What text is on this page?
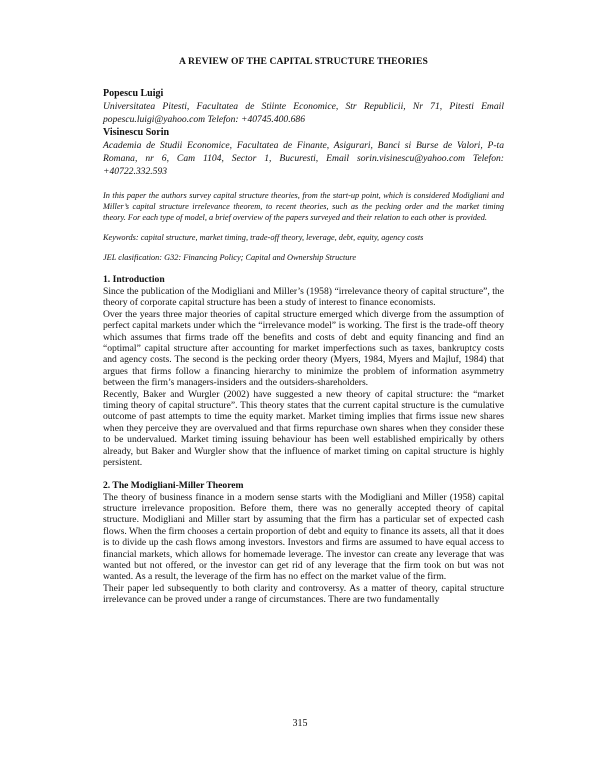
A REVIEW OF THE CAPITAL STRUCTURE THEORIES
Popescu Luigi
Universitatea Pitesti, Facultatea de Stiinte Economice, Str Republicii, Nr 71, Pitesti Email popescu.luigi@yahoo.com Telefon: +40745.400.686
Visinescu Sorin
Academia de Studii Economice, Facultatea de Finante, Asigurari, Banci si Burse de Valori, P-ta Romana, nr 6, Cam 1104, Sector 1, Bucuresti, Email sorin.visinescu@yahoo.com Telefon: +40722.332.593
In this paper the authors survey capital structure theories, from the start-up point, which is considered Modigliani and Miller’s capital structure irrelevance theorem, to recent theories, such as the pecking order and the market timing theory. For each type of model, a brief overview of the papers surveyed and their relation to each other is provided.
Keywords: capital structure, market timing, trade-off theory, leverage, debt, equity, agency costs
JEL clasification: G32: Financing Policy; Capital and Ownership Structure
1. Introduction
Since the publication of the Modigliani and Miller’s (1958) “irrelevance theory of capital structure”, the theory of corporate capital structure has been a study of interest to finance economists.
Over the years three major theories of capital structure emerged which diverge from the assumption of perfect capital markets under which the “irrelevance model” is working. The first is the trade-off theory which assumes that firms trade off the benefits and costs of debt and equity financing and find an “optimal” capital structure after accounting for market imperfections such as taxes, bankruptcy costs and agency costs. The second is the pecking order theory (Myers, 1984, Myers and Majluf, 1984) that argues that firms follow a financing hierarchy to minimize the problem of information asymmetry between the firm’s managers-insiders and the outsiders-shareholders.
Recently, Baker and Wurgler (2002) have suggested a new theory of capital structure: the “market timing theory of capital structure”. This theory states that the current capital structure is the cumulative outcome of past attempts to time the equity market. Market timing implies that firms issue new shares when they perceive they are overvalued and that firms repurchase own shares when they consider these to be undervalued. Market timing issuing behaviour has been well established empirically by others already, but Baker and Wurgler show that the influence of market timing on capital structure is highly persistent.
2. The Modigliani-Miller Theorem
The theory of business finance in a modern sense starts with the Modigliani and Miller (1958) capital structure irrelevance proposition. Before them, there was no generally accepted theory of capital structure. Modigliani and Miller start by assuming that the firm has a particular set of expected cash flows. When the firm chooses a certain proportion of debt and equity to finance its assets, all that it does is to divide up the cash flows among investors. Investors and firms are assumed to have equal access to financial markets, which allows for homemade leverage. The investor can create any leverage that was wanted but not offered, or the investor can get rid of any leverage that the firm took on but was not wanted. As a result, the leverage of the firm has no effect on the market value of the firm.
Their paper led subsequently to both clarity and controversy. As a matter of theory, capital structure irrelevance can be proved under a range of circumstances. There are two fundamentally
315
